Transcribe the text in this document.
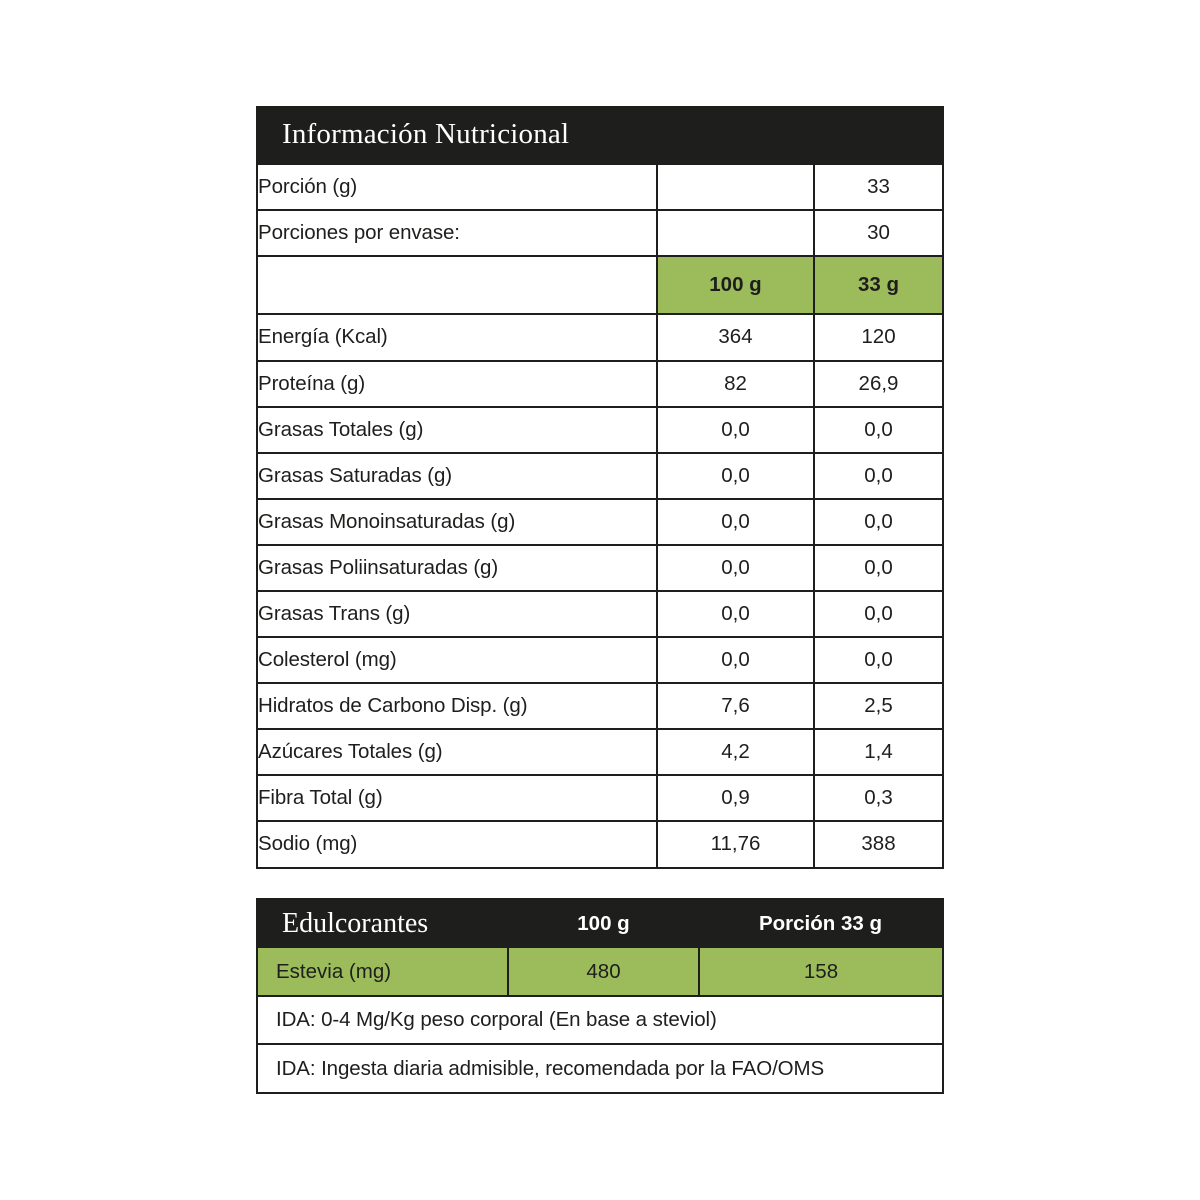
Información Nutricional
Porción (g)		33
Porciones por envase:		30
	100 g	33 g
Energía (Kcal)	364	120
Proteína (g)	82	26,9
Grasas Totales (g)	0,0	0,0
Grasas Saturadas (g)	0,0	0,0
Grasas Monoinsaturadas (g)	0,0	0,0
Grasas Poliinsaturadas (g)	0,0	0,0
Grasas Trans (g)	0,0	0,0
Colesterol (mg)	0,0	0,0
Hidratos de Carbono Disp. (g)	7,6	2,5
Azúcares Totales (g)	4,2	1,4
Fibra Total (g)	0,9	0,3
Sodio (mg)	11,76	388
Edulcorantes	100 g	Porción 33 g
Estevia (mg)	480	158
IDA: 0-4 Mg/Kg peso corporal (En base a steviol)		
IDA: Ingesta diaria admisible, recomendada por la FAO/OMS		
